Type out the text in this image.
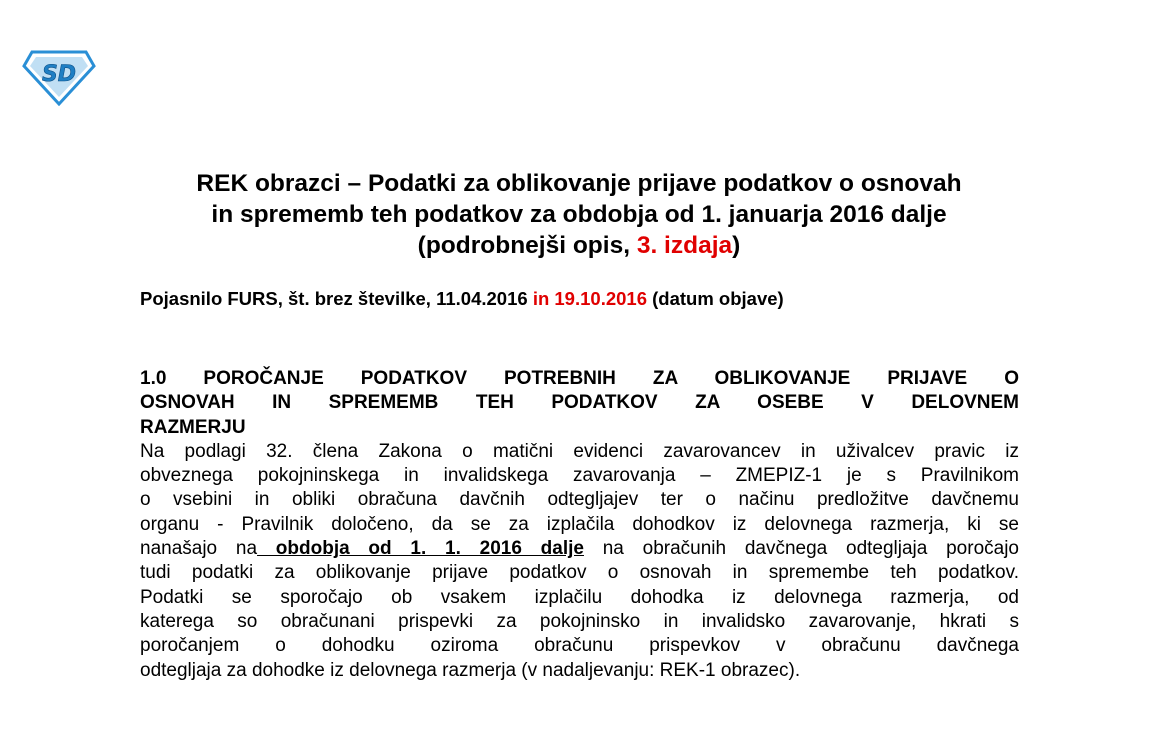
SD
REK obrazci – Podatki za oblikovanje prijave podatkov o osnovah
in sprememb teh podatkov za obdobja od 1. januarja 2016 dalje
(podrobnejši opis, 3. izdaja)
Pojasnilo FURS, št. brez številke, 11.04.2016 in 19.10.2016 (datum objave)
1.0 POROČANJE PODATKOV POTREBNIH ZA OBLIKOVANJE PRIJAVE O
OSNOVAH IN SPREMEMB TEH PODATKOV ZA OSEBE V DELOVNEM
RAZMERJU
Na podlagi 32. člena Zakona o matični evidenci zavarovancev in uživalcev pravic iz
obveznega pokojninskega in invalidskega zavarovanja – ZMEPIZ-1 je s Pravilnikom
o vsebini in obliki obračuna davčnih odtegljajev ter o načinu predložitve davčnemu
organu - Pravilnik določeno, da se za izplačila dohodkov iz delovnega razmerja, ki se
nanašajo na obdobja od 1. 1. 2016 dalje na obračunih davčnega odtegljaja poročajo
tudi podatki za oblikovanje prijave podatkov o osnovah in spremembe teh podatkov.
Podatki se sporočajo ob vsakem izplačilu dohodka iz delovnega razmerja, od
katerega so obračunani prispevki za pokojninsko in invalidsko zavarovanje, hkrati s
poročanjem o dohodku oziroma obračunu prispevkov v obračunu davčnega
odtegljaja za dohodke iz delovnega razmerja (v nadaljevanju: REK-1 obrazec).
